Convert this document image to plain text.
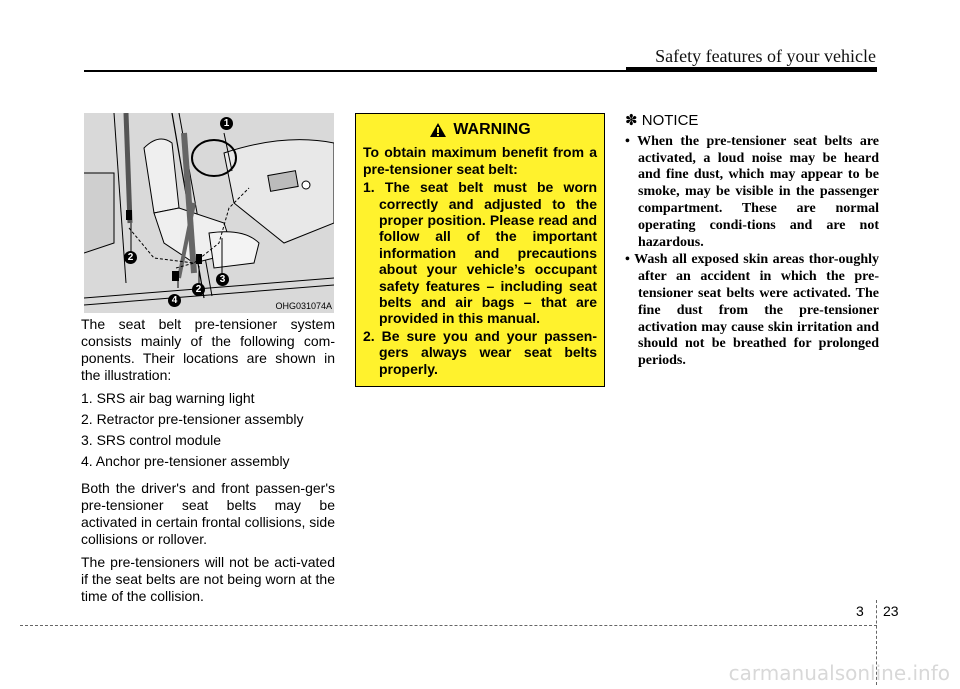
Safety features of your vehicle
1
2
2
3
4	OHG031074A

The seat belt pre-tensioner system consists mainly of the following com-ponents. Their locations are shown in the illustration:

1. SRS air bag warning light
2. Retractor pre-tensioner assembly
3. SRS control module
4. Anchor pre-tensioner assembly

Both the driver's and front passen-ger's pre-tensioner seat belts may be activated in certain frontal collisions, side collisions or rollover.

The pre-tensioners will not be acti-vated if the seat belts are not being worn at the time of the collision.

WARNING

To obtain maximum benefit from a pre-tensioner seat belt:

1. The seat belt must be worn correctly and adjusted to the proper position. Please read and follow all of the important information and precautions about your vehicle’s occupant safety features – including seat belts and air bags – that are provided in this manual.
2. Be sure you and your passen-gers always wear seat belts properly.
✽ NOTICE
• When the pre-tensioner seat belts are activated, a loud noise may be heard and fine dust, which may appear to be smoke, may be visible in the passenger compartment. These are normal operating condi-tions and are not hazardous.
• Wash all exposed skin areas thor-oughly after an accident in which the pre-tensioner seat belts were activated. The fine dust from the pre-tensioner activation may cause skin irritation and should not be breathed for prolonged periods.
3 23
carmanualsonline.info
